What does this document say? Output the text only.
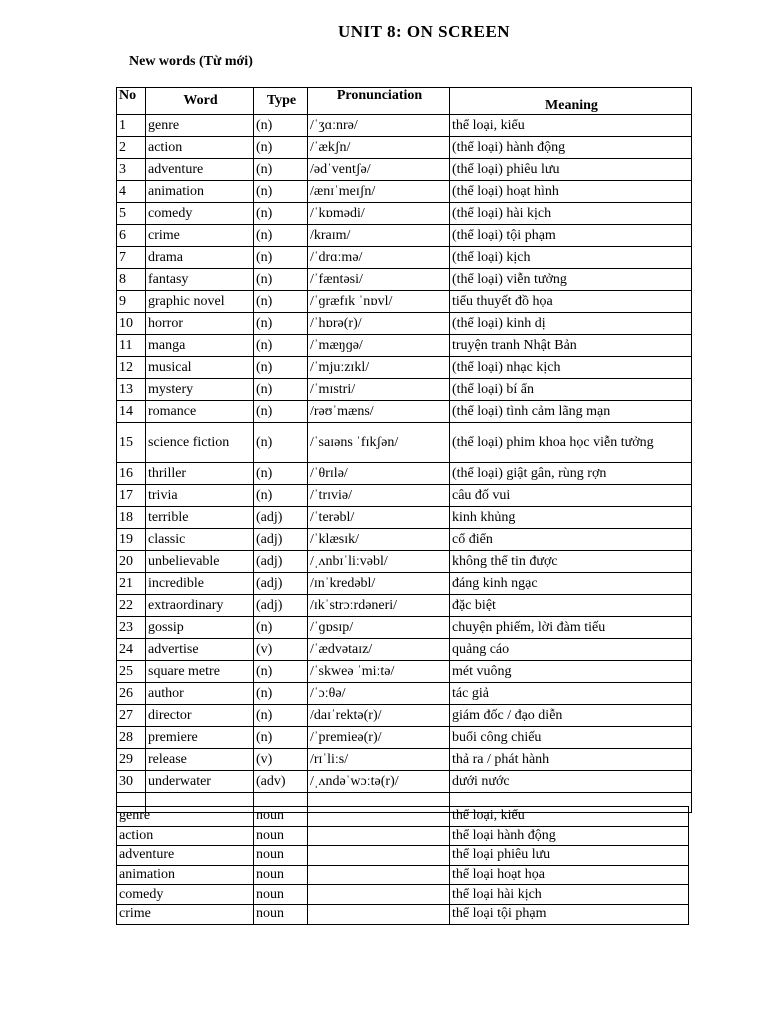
UNIT 8: ON SCREEN
New words (Từ mới)
No	Word	Type	Pronunciation	Meaning
1	genre	(n)	/ˈʒɑːnrə/	thể loại, kiểu
2	action	(n)	/ˈækʃn/	(thể loại) hành động
3	adventure	(n)	/ədˈventʃə/	(thể loại) phiêu lưu
4	animation	(n)	/ænɪˈmeɪʃn/	(thể loại) hoạt hình
5	comedy	(n)	/ˈkɒmədi/	(thể loại) hài kịch
6	crime	(n)	/kraɪm/	(thể loại) tội phạm
7	drama	(n)	/ˈdrɑːmə/	(thể loại) kịch
8	fantasy	(n)	/ˈfæntəsi/	(thể loại) viễn tưởng
9	graphic novel	(n)	/ˈɡræfɪk ˈnɒvl/	tiểu thuyết đồ họa
10	horror	(n)	/ˈhɒrə(r)/	(thể loại) kinh dị
11	manga	(n)	/ˈmæŋɡə/	truyện tranh Nhật Bản
12	musical	(n)	/ˈmjuːzɪkl/	(thể loại) nhạc kịch
13	mystery	(n)	/ˈmɪstri/	(thể loại) bí ẩn
14	romance	(n)	/rəʊˈmæns/	(thể loại) tình cảm lãng mạn
15	science fiction	(n)	/ˈsaɪəns ˈfɪkʃən/	(thể loại) phim khoa học viễn tưởng
16	thriller	(n)	/ˈθrɪlə/	(thể loại) giật gân, rùng rợn
17	trivia	(n)	/ˈtrɪviə/	câu đố vui
18	terrible	(adj)	/ˈterəbl/	kinh khủng
19	classic	(adj)	/ˈklæsɪk/	cổ điển
20	unbelievable	(adj)	/ˌʌnbɪˈliːvəbl/	không thể tin được
21	incredible	(adj)	/ɪnˈkredəbl/	đáng kinh ngạc
22	extraordinary	(adj)	/ɪkˈstrɔːrdəneri/	đặc biệt
23	gossip	(n)	/ˈɡɒsɪp/	chuyện phiếm, lời đàm tiếu
24	advertise	(v)	/ˈædvətaɪz/	quảng cáo
25	square metre	(n)	/ˈskweə ˈmiːtə/	mét vuông
26	author	(n)	/ˈɔːθə/	tác giả
27	director	(n)	/daɪˈrektə(r)/	giám đốc / đạo diễn
28	premiere	(n)	/ˈpremieə(r)/	buổi công chiếu
29	release	(v)	/rɪˈliːs/	thả ra / phát hành
30	underwater	(adv)	/ˌʌndəˈwɔːtə(r)/	dưới nước

genre	noun		thể loại, kiểu
action	noun		thể loại hành động
adventure	noun		thể loại phiêu lưu
animation	noun		thể loại hoạt họa
comedy	noun		thể loại hài kịch
crime	noun		thể loại tội phạm
